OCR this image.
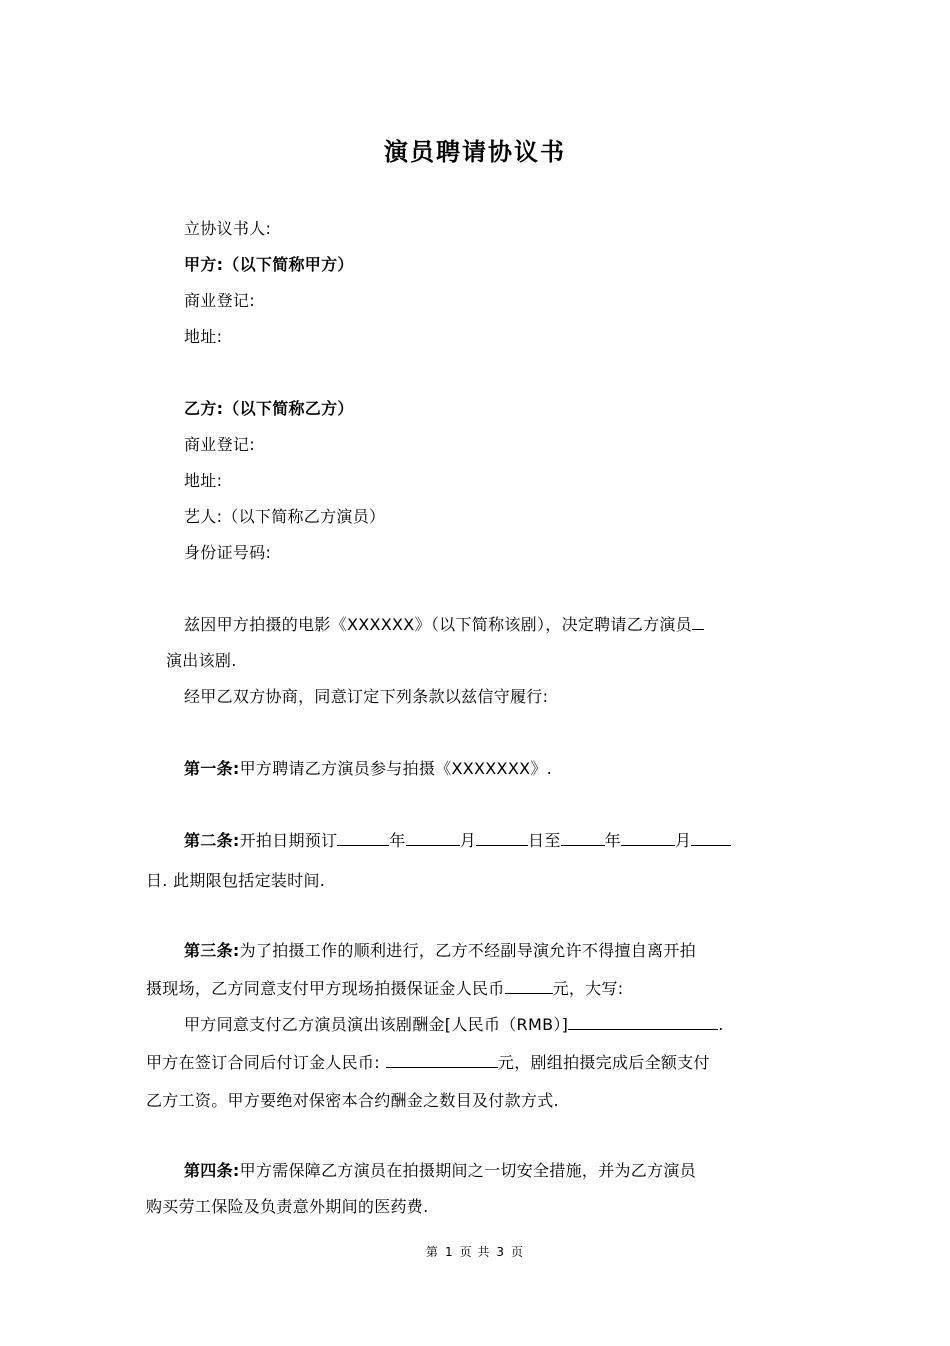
演员聘请协议书
立协议书人:
甲方:（以下简称甲方）
商业登记:
地址:
乙方:（以下简称乙方）
商业登记:
地址:
艺人:（以下简称乙方演员）
身份证号码:
兹因甲方拍摄的电影《XXXXXX》（以下简称该剧），决定聘请乙方演员
演出该剧.
经甲乙双方协商，同意订定下列条款以兹信守履行:
第一条:甲方聘请乙方演员参与拍摄《XXXXXXX》.
第二条:开拍日期预订	年	月	日至	年	月
日. 此期限包括定装时间.
第三条:为了拍摄工作的顺利进行，乙方不经副导演允许不得擅自离开拍
摄现场，乙方同意支付甲方现场拍摄保证金人民币	元，大写:
甲方同意支付乙方演员演出该剧酬金[人民币（RMB）]	.
甲方在签订合同后付订金人民币:	元，剧组拍摄完成后全额支付
乙方工资。甲方要绝对保密本合约酬金之数目及付款方式.
第四条:甲方需保障乙方演员在拍摄期间之一切安全措施，并为乙方演员
购买劳工保险及负责意外期间的医药费.
第 1 页 共 3 页
